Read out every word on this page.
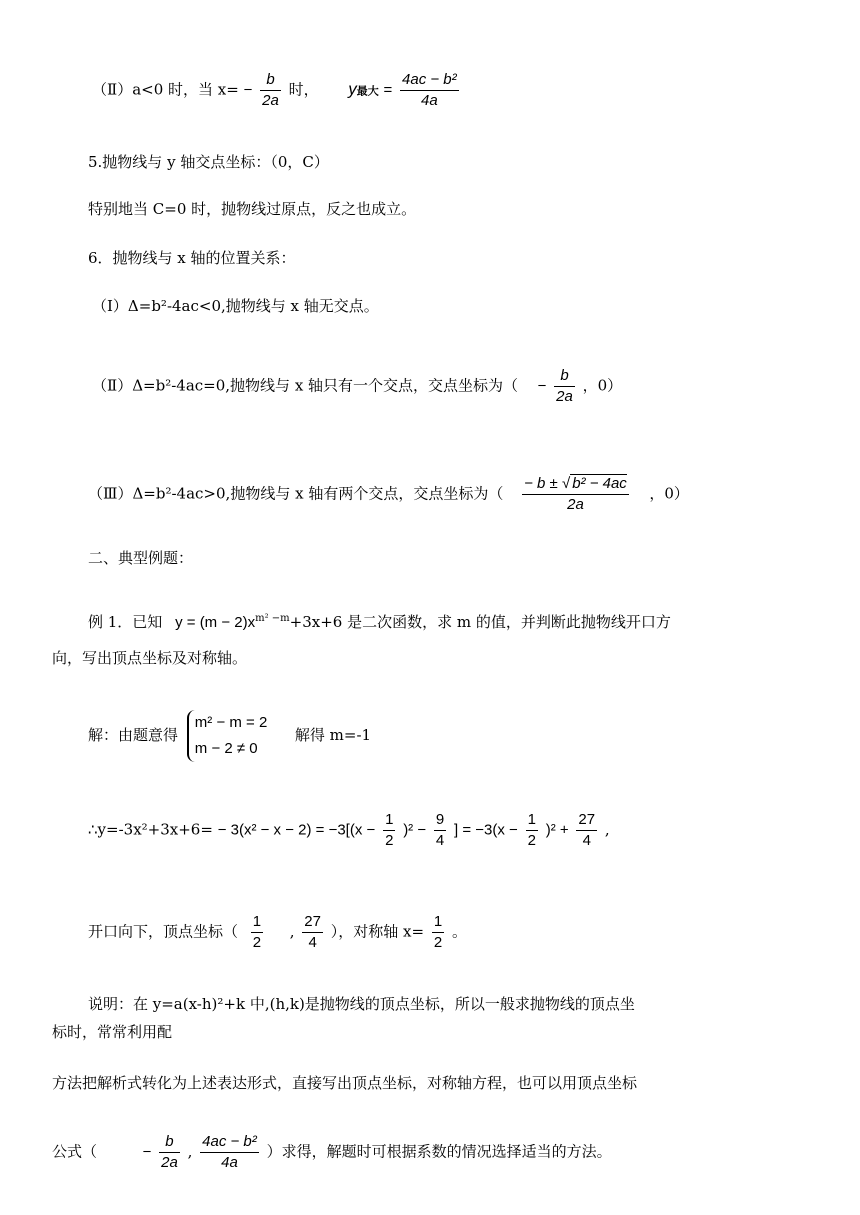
（Ⅱ）a<0 时，当 $x= - \frac{b}{2a}$ 时， y最大 = $\frac{\text{4ac − b²}}{4a}$
5.抛物线与 y 轴交点坐标：（0，C）
特别地当 C=0 时，抛物线过原点，反之也成立。
6．抛物线与 x 轴的位置关系：
（Ⅰ）Δ=b²-4ac<0,抛物线与 x 轴无交点。
（Ⅱ）Δ=b²-4ac=0,抛物线与 x 轴只有一个交点，交点坐标为（ − $\frac{b}{2a}$ ，0）
（Ⅲ）Δ=b²-4ac>0,抛物线与 x 轴有两个交点，交点坐标为（ $\frac{\text{− b ± √ b² − 4ac}}{2a}$ ，0）
二、典型例题：
例 1．已知 $y = (m - 2)x^{m^2 -m}+3x+6$ 是二次函数，求 m 的值，并判断此抛物线开口方
向，写出顶点坐标及对称轴。
解：由题意得
m² − m = 2
m − 2 ≠ 0
解得 m=-1
∴y=-3x²+3x+6= − $3(x^2 - x - 2) = -3[(x - \frac{1}{2} )^2 - \frac{9}{4}$ ] = $-3(x - \frac{1}{2} )^2 + \frac{27}{4}$ ,
开口向下，顶点坐标（ $\frac{1}{2}$ , $\frac{27}{4}$ ），对称轴 $x= \frac{1}{2}$ 。
说明：在 y=a(x-h)²+k 中,(h,k)是抛物线的顶点坐标，所以一般求抛物线的顶点坐
标时，常常利用配
方法把解析式转化为上述表达形式，直接写出顶点坐标，对称轴方程，也可以用顶点坐标
公式（	− $\frac{b}{2a}$ , $\frac{\text{4ac − b²}}{4a}$ ）求得，解题时可根据系数的情况选择适当的方法。
